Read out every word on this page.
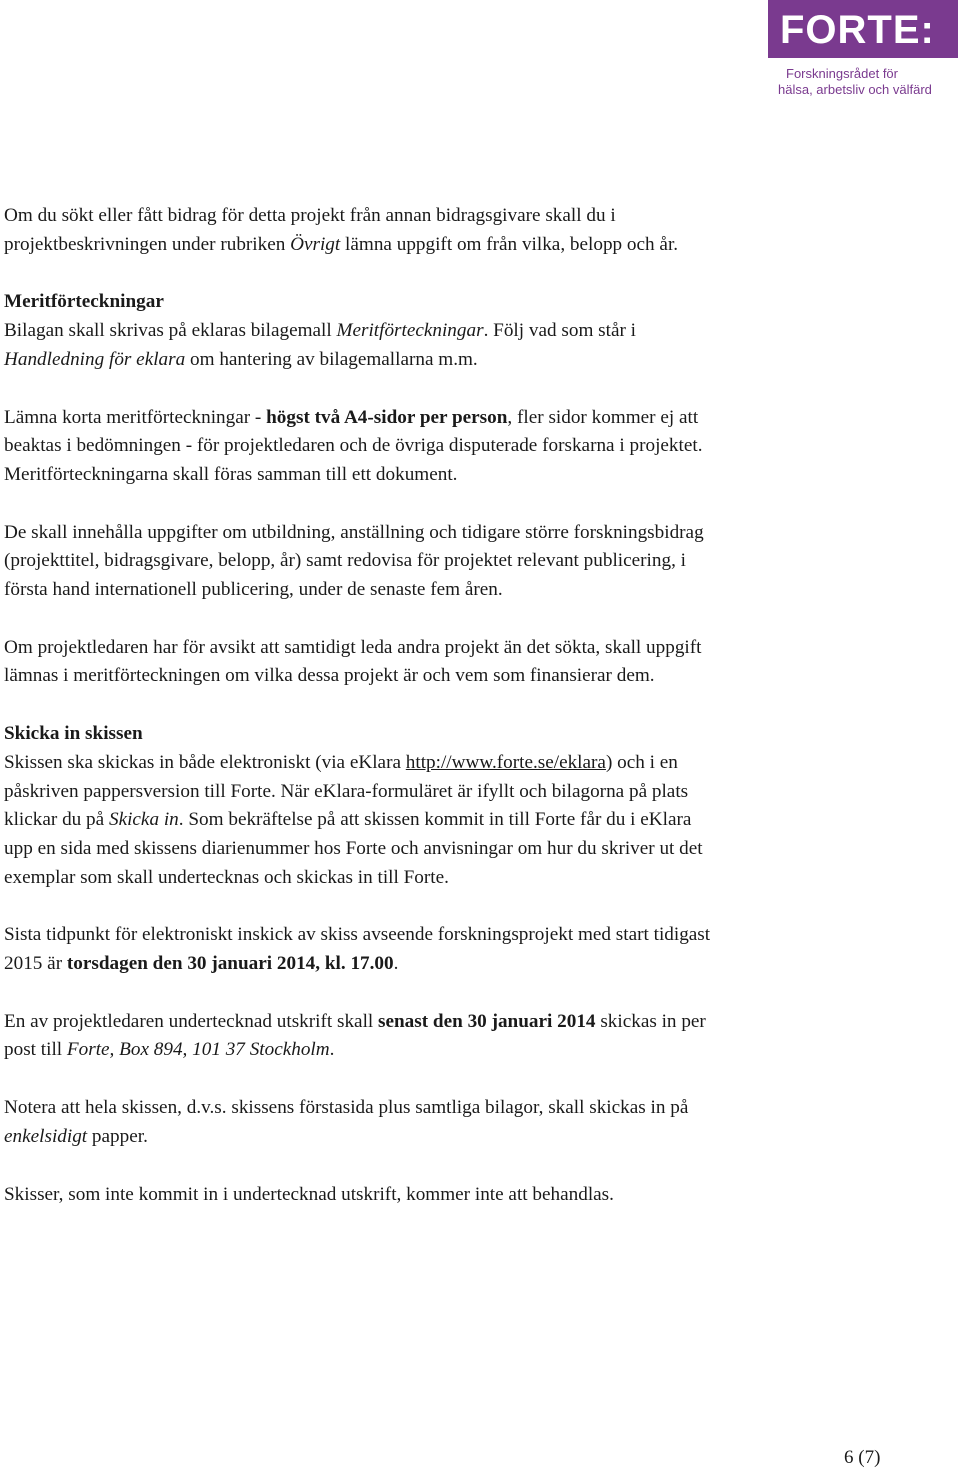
FORTE:
Forskningsrådet för
hälsa, arbetsliv och välfärd

Om du sökt eller fått bidrag för detta projekt från annan bidragsgivare skall du i projektbeskrivningen under rubriken Övrigt lämna uppgift om från vilka, belopp och år.

Meritförteckningar
Bilagan skall skrivas på eklaras bilagemall Meritförteckningar. Följ vad som står i Handledning för eklara om hantering av bilagemallarna m.m.

Lämna korta meritförteckningar - högst två A4-sidor per person, fler sidor kommer ej att beaktas i bedömningen - för projektledaren och de övriga disputerade forskarna i projektet. Meritförteckningarna skall föras samman till ett dokument.

De skall innehålla uppgifter om utbildning, anställning och tidigare större forskningsbidrag (projekttitel, bidragsgivare, belopp, år) samt redovisa för projektet relevant publicering, i första hand internationell publicering, under de senaste fem åren.

Om projektledaren har för avsikt att samtidigt leda andra projekt än det sökta, skall uppgift lämnas i meritförteckningen om vilka dessa projekt är och vem som finansierar dem.

Skicka in skissen
Skissen ska skickas in både elektroniskt (via eKlara http://www.forte.se/eklara) och i en påskriven pappersversion till Forte. När eKlara-formuläret är ifyllt och bilagorna på plats klickar du på Skicka in. Som bekräftelse på att skissen kommit in till Forte får du i eKlara upp en sida med skissens diarienummer hos Forte och anvisningar om hur du skriver ut det exemplar som skall undertecknas och skickas in till Forte.

Sista tidpunkt för elektroniskt inskick av skiss avseende forskningsprojekt med start tidigast 2015 är torsdagen den 30 januari 2014, kl. 17.00.

En av projektledaren undertecknad utskrift skall senast den 30 januari 2014 skickas in per post till Forte, Box 894, 101 37 Stockholm.

Notera att hela skissen, d.v.s. skissens förstasida plus samtliga bilagor, skall skickas in på enkelsidigt papper.

Skisser, som inte kommit in i undertecknad utskrift, kommer inte att behandlas.

6 (7)
